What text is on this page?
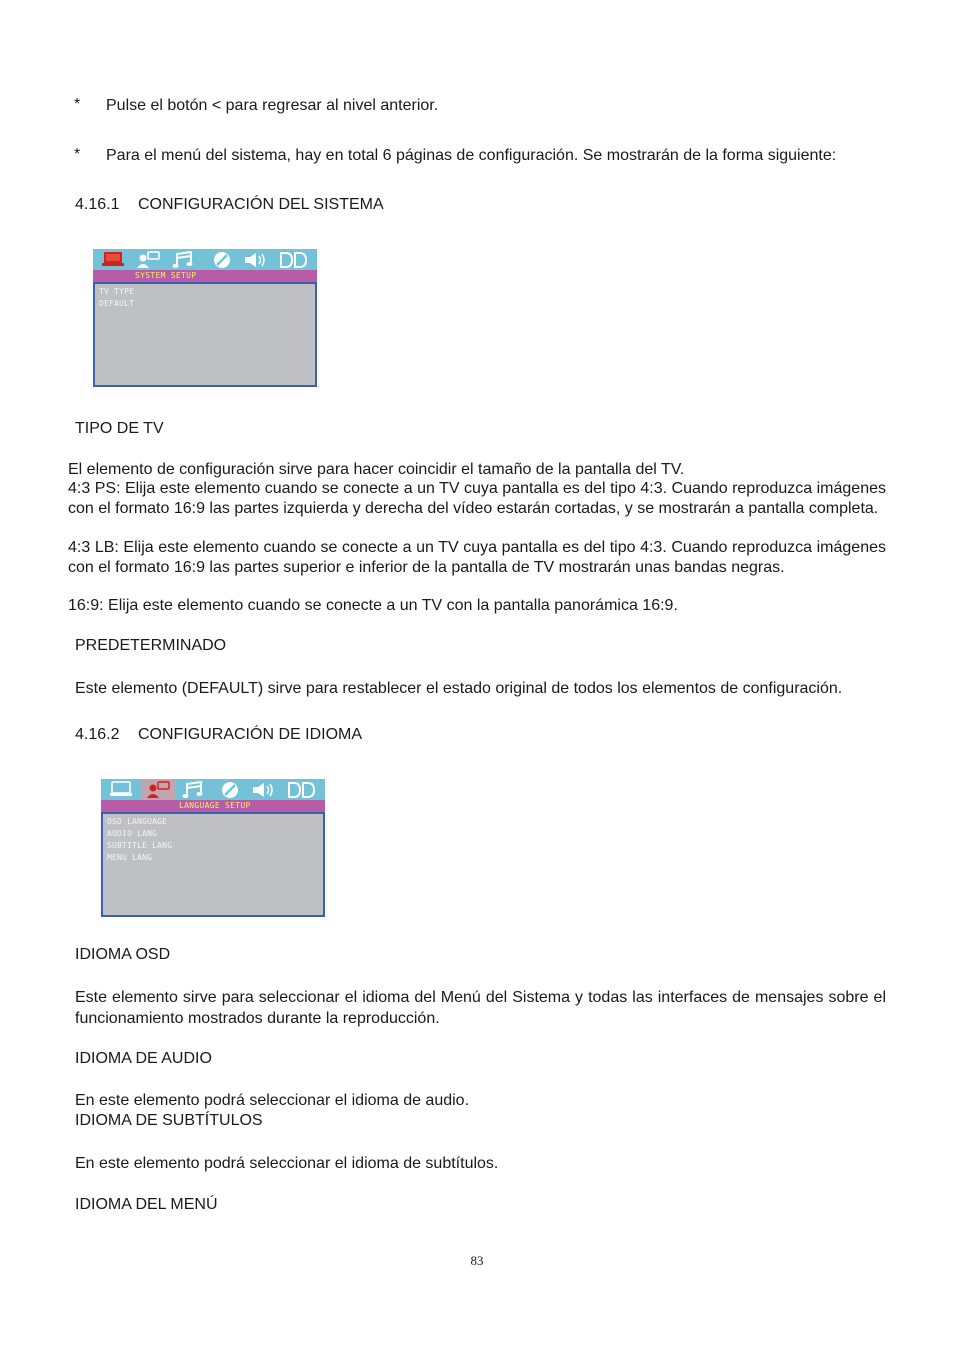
* Pulse el botón < para regresar al nivel anterior.
* Para el menú del sistema, hay en total 6 páginas de configuración. Se mostrarán de la forma siguiente:
4.16.1 CONFIGURACIÓN DEL SISTEMA
SYSTEM SETUP
TV TYPE
DEFAULT
TIPO DE TV
El elemento de configuración sirve para hacer coincidir el tamaño de la pantalla del TV.
4:3 PS: Elija este elemento cuando se conecte a un TV cuya pantalla es del tipo 4:3. Cuando reproduzca imágenes con el formato 16:9 las partes izquierda y derecha del vídeo estarán cortadas, y se mostrarán a pantalla completa.
4:3 LB: Elija este elemento cuando se conecte a un TV cuya pantalla es del tipo 4:3. Cuando reproduzca imágenes con el formato 16:9 las partes superior e inferior de la pantalla de TV mostrarán unas bandas negras.
16:9: Elija este elemento cuando se conecte a un TV con la pantalla panorámica 16:9.
PREDETERMINADO
Este elemento (DEFAULT) sirve para restablecer el estado original de todos los elementos de configuración.
4.16.2 CONFIGURACIÓN DE IDIOMA
LANGUAGE SETUP
OSD LANGUAGE
AUDIO LANG
SUBTITLE LANG
MENU LANG
IDIOMA OSD
Este elemento sirve para seleccionar el idioma del Menú del Sistema y todas las interfaces de mensajes sobre el funcionamiento mostrados durante la reproducción.
IDIOMA DE AUDIO
En este elemento podrá seleccionar el idioma de audio.
IDIOMA DE SUBTÍTULOS
En este elemento podrá seleccionar el idioma de subtítulos.
IDIOMA DEL MENÚ
83
